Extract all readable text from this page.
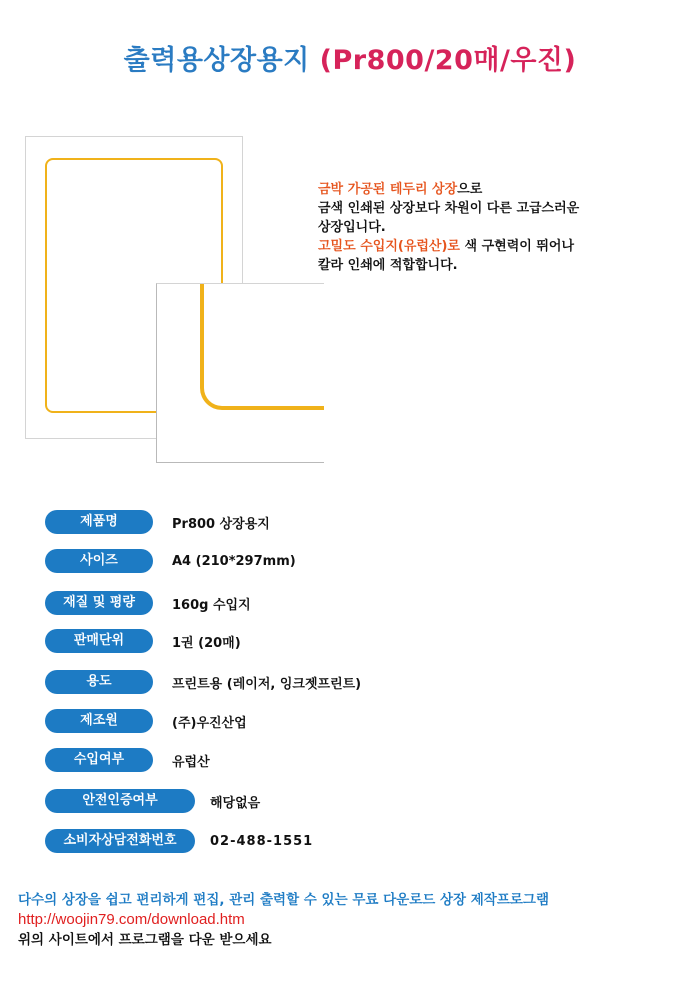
출력용상장용지 (Pr800/20매/우진)
금박 가공된 테두리 상장으로
금색 인쇄된 상장보다 차원이 다른 고급스러운
상장입니다.
고밀도 수입지(유럽산)로 색 구현력이 뛰어나
칼라 인쇄에 적합합니다.
제품명	Pr800 상장용지
사이즈	A4 (210*297mm)
재질 및 평량	160g 수입지
판매단위	1권 (20매)
용도	프린트용 (레이저, 잉크젯프린트)
제조원	(주)우진산업
수입여부	유럽산
안전인증여부	해당없음
소비자상담전화번호	02-488-1551
다수의 상장을 쉽고 편리하게 편집, 관리 출력할 수 있는 무료 다운로드 상장 제작프로그램
http://woojin79.com/download.htm
위의 사이트에서 프로그램을 다운 받으세요
